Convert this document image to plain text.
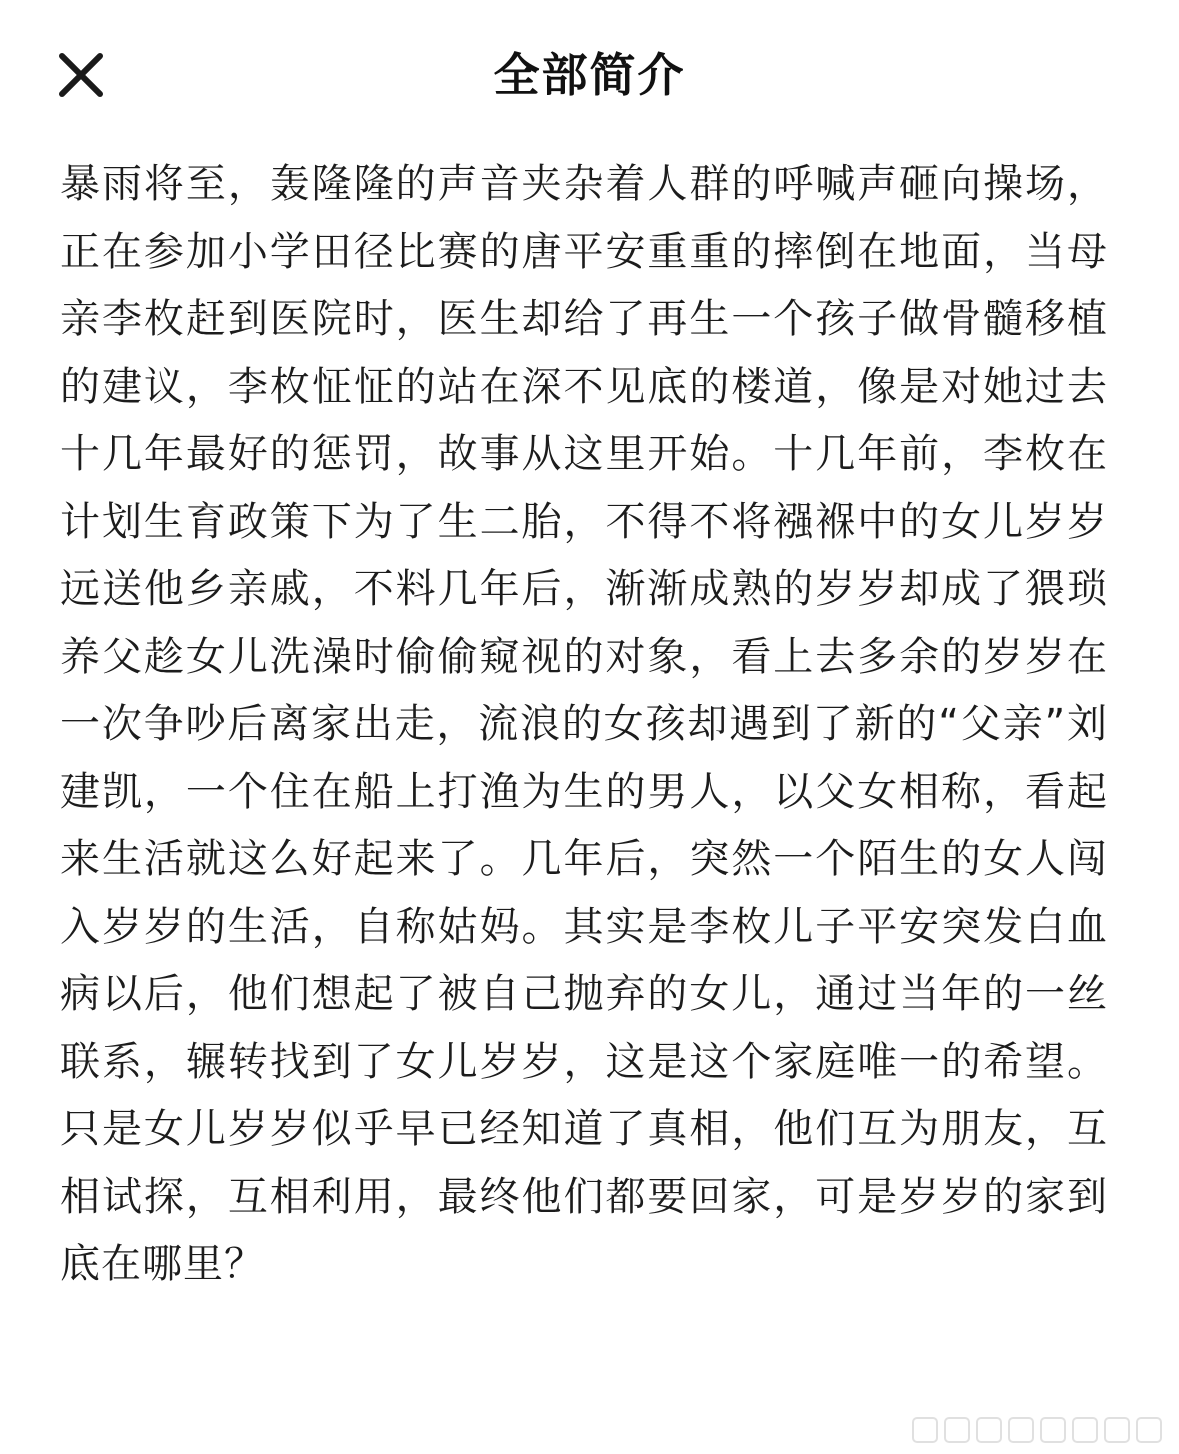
全部简介
暴雨将至，轰隆隆的声音夹杂着人群的呼喊声砸向操场，正在参加小学田径比赛的唐平安重重的摔倒在地面，当母亲李枚赶到医院时，医生却给了再生一个孩子做骨髓移植的建议，李枚怔怔的站在深不见底的楼道，像是对她过去十几年最好的惩罚，故事从这里开始。十几年前，李枚在计划生育政策下为了生二胎，不得不将襁褓中的女儿岁岁远送他乡亲戚，不料几年后，渐渐成熟的岁岁却成了猥琐养父趁女儿洗澡时偷偷窥视的对象，看上去多余的岁岁在一次争吵后离家出走，流浪的女孩却遇到了新的“父亲”刘建凯，一个住在船上打渔为生的男人，以父女相称，看起来生活就这么好起来了。几年后，突然一个陌生的女人闯入岁岁的生活，自称姑妈。其实是李枚儿子平安突发白血病以后，他们想起了被自己抛弃的女儿，通过当年的一丝联系，辗转找到了女儿岁岁，这是这个家庭唯一的希望。只是女儿岁岁似乎早已经知道了真相，他们互为朋友，互相试探，互相利用，最终他们都要回家，可是岁岁的家到底在哪里？
